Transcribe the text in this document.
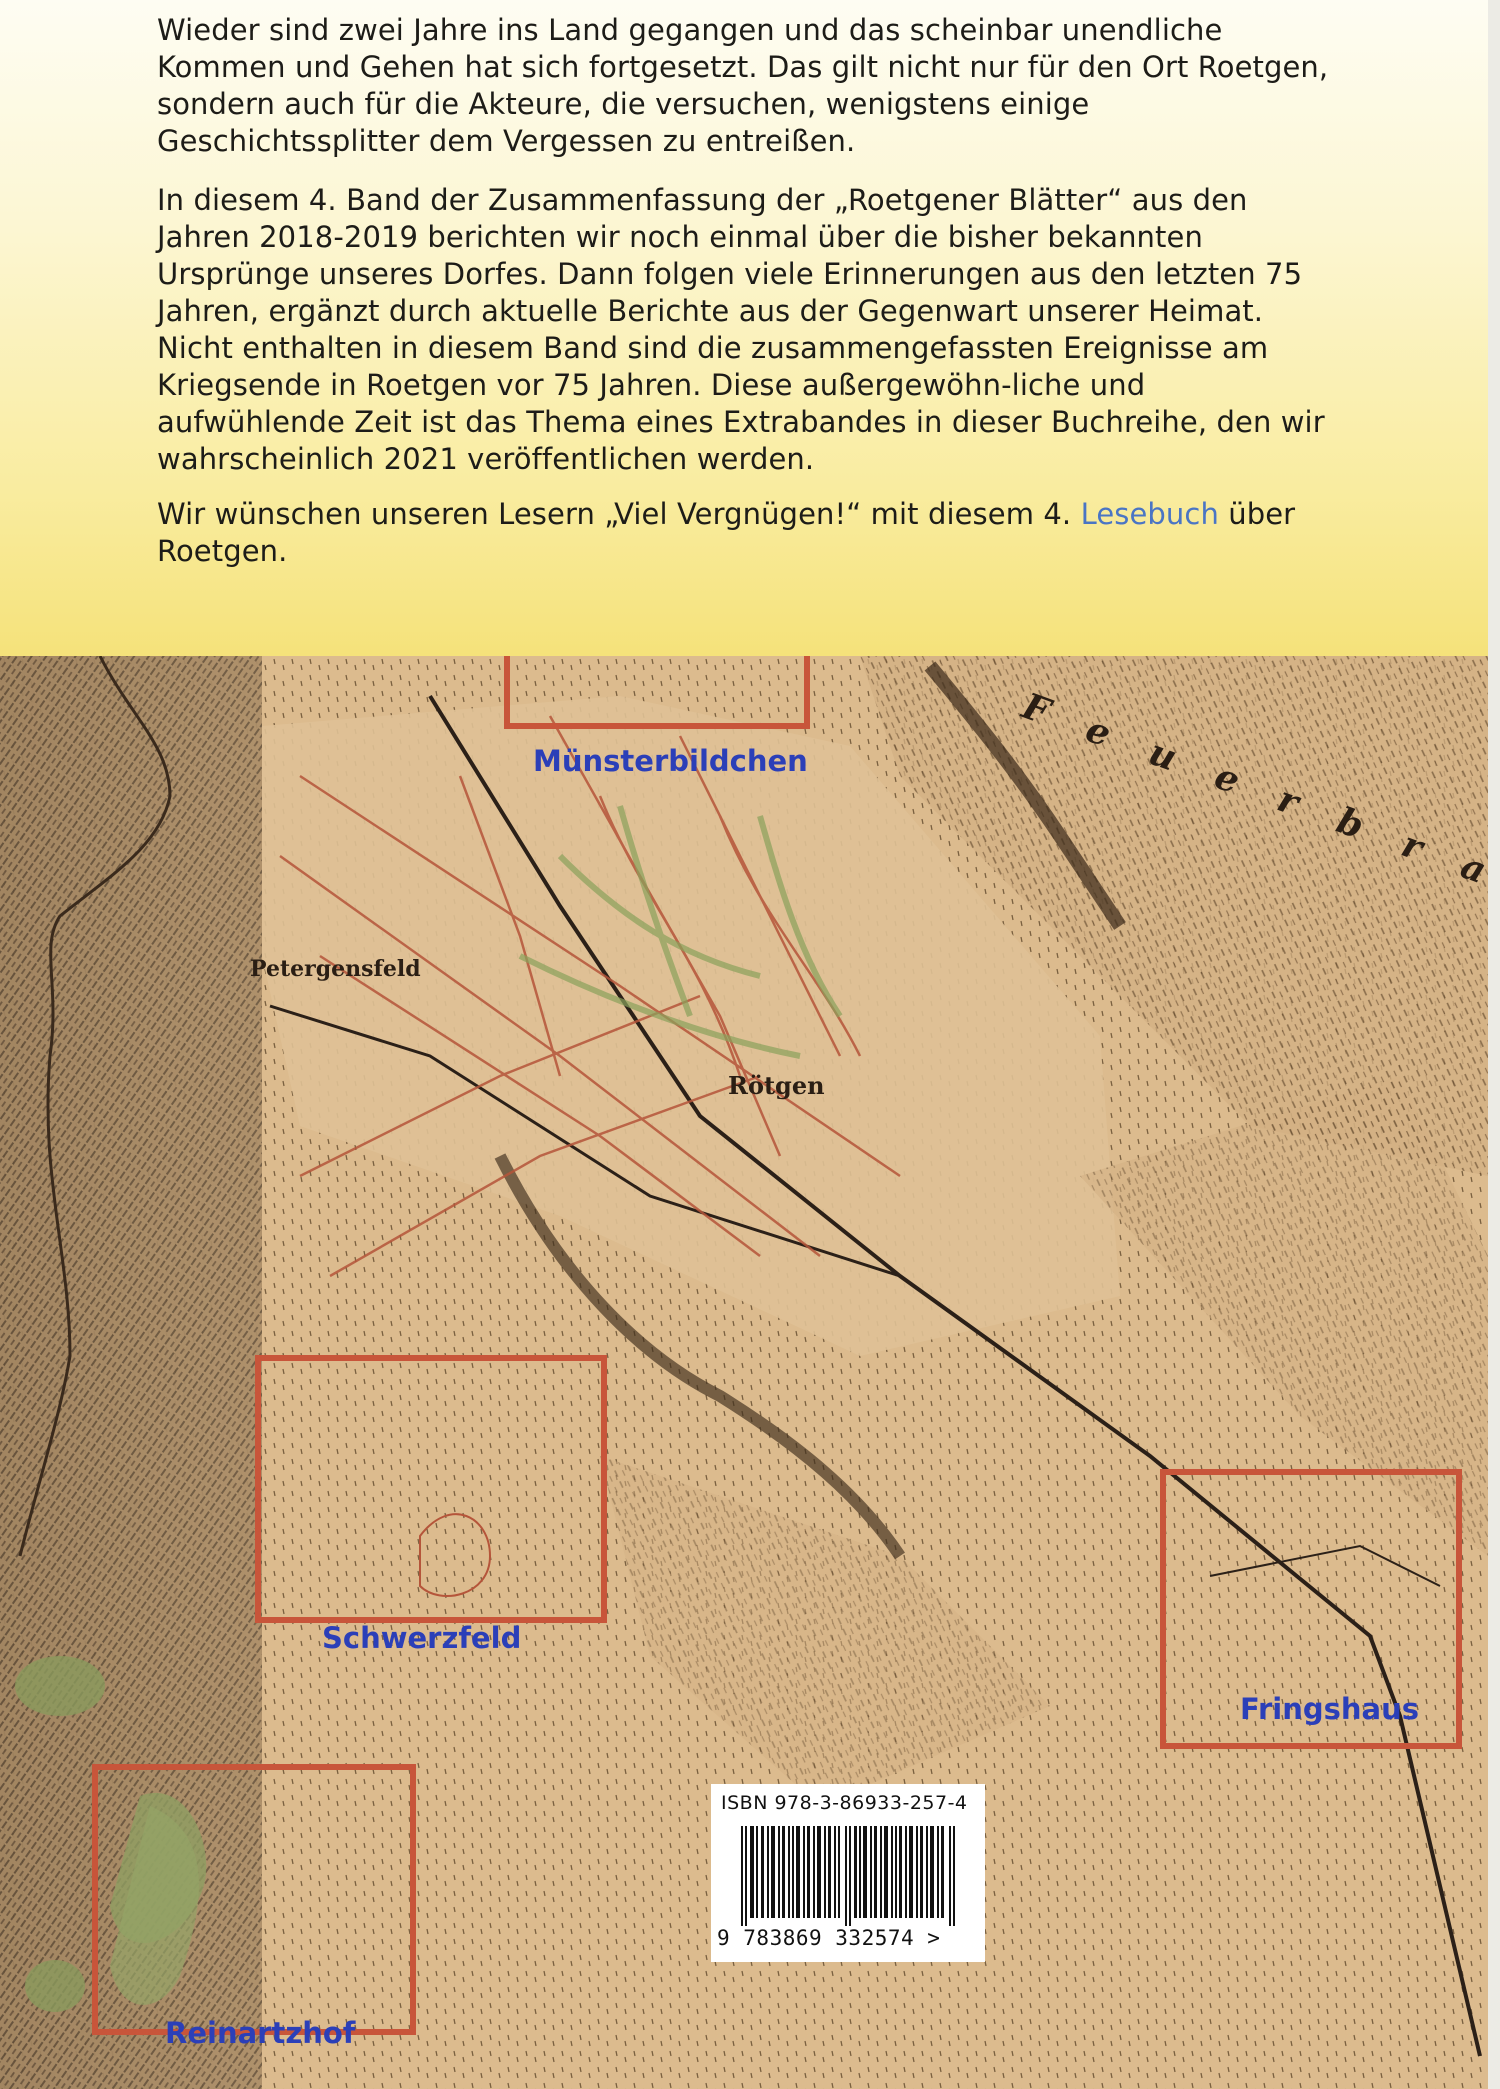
Wieder sind zwei Jahre ins Land gegangen und das scheinbar unendliche Kommen und Gehen hat sich fortgesetzt. Das gilt nicht nur für den Ort Roetgen, sondern auch für die Akteure, die versuchen, wenigstens einige Geschichtssplitter dem Vergessen zu entreißen.

In diesem 4. Band der Zusammenfassung der „Roetgener Blätter“ aus den Jahren 2018-2019 berichten wir noch einmal über die bisher bekannten Ursprünge unseres Dorfes. Dann folgen viele Erinnerungen aus den letzten 75 Jahren, ergänzt durch aktuelle Berichte aus der Gegenwart unserer Heimat. Nicht enthalten in diesem Band sind die zusammengefassten Ereignisse am Kriegsende in Roetgen vor 75 Jahren. Diese außergewöhn-liche und aufwühlende Zeit ist das Thema eines Extrabandes in dieser Buchreihe, den wir wahrscheinlich 2021 veröffentlichen werden.

Wir wünschen unseren Lesern „Viel Vergnügen!“ mit diesem 4. Lesebuch über Roetgen.

Petergensfeld
Rötgen
Münsterbildchen
Schwerzfeld
Fringshaus
Reinartzhof
ISBN 978-3-86933-257-4
9 783869 332574 >
